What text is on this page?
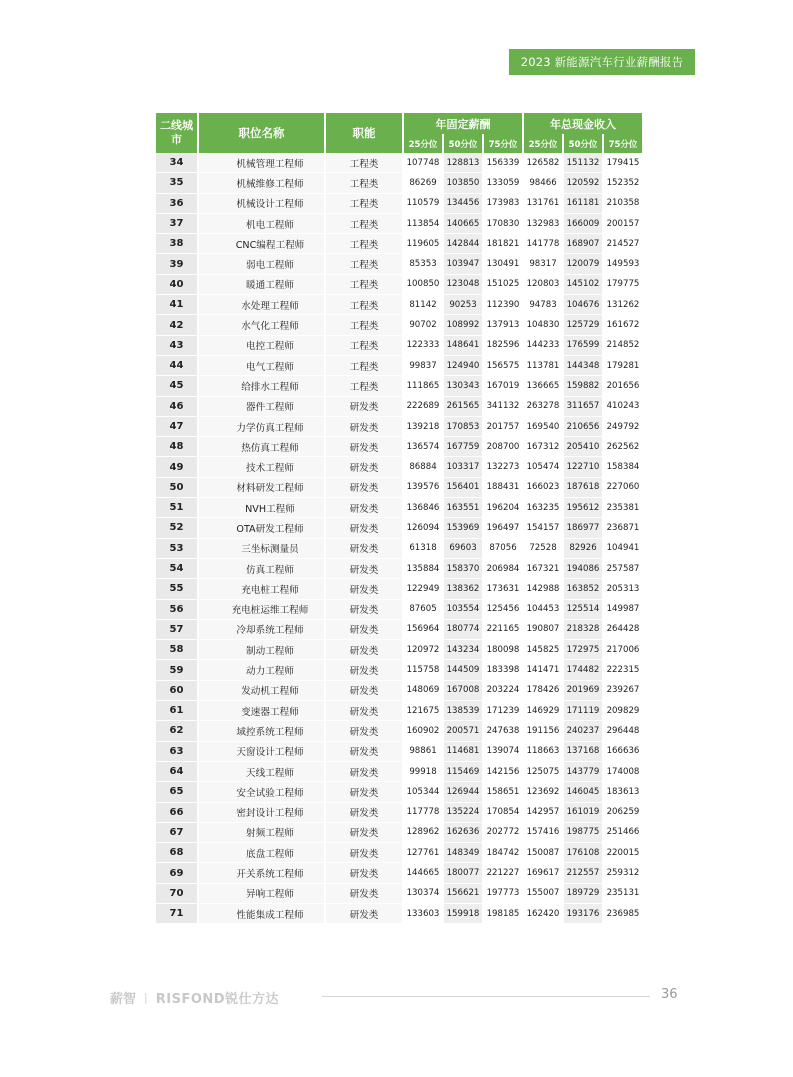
2023 新能源汽车行业薪酬报告
二线城市	职位名称	职能	年固定薪酬			年总现金收入		
			25分位	50分位	75分位	25分位	50分位	75分位
34	机械管理工程师	工程类	107748	128813	156339	126582	151132	179415
35	机械维修工程师	工程类	86269	103850	133059	98466	120592	152352
36	机械设计工程师	工程类	110579	134456	173983	131761	161181	210358
37	机电工程师	工程类	113854	140665	170830	132983	166009	200157
38	CNC编程工程师	工程类	119605	142844	181821	141778	168907	214527
39	弱电工程师	工程类	85353	103947	130491	98317	120079	149593
40	暖通工程师	工程类	100850	123048	151025	120803	145102	179775
41	水处理工程师	工程类	81142	90253	112390	94783	104676	131262
42	水气化工程师	工程类	90702	108992	137913	104830	125729	161672
43	电控工程师	工程类	122333	148641	182596	144233	176599	214852
44	电气工程师	工程类	99837	124940	156575	113781	144348	179281
45	给排水工程师	工程类	111865	130343	167019	136665	159882	201656
46	器件工程师	研发类	222689	261565	341132	263278	311657	410243
47	力学仿真工程师	研发类	139218	170853	201757	169540	210656	249792
48	热仿真工程师	研发类	136574	167759	208700	167312	205410	262562
49	技术工程师	研发类	86884	103317	132273	105474	122710	158384
50	材料研发工程师	研发类	139576	156401	188431	166023	187618	227060
51	NVH工程师	研发类	136846	163551	196204	163235	195612	235381
52	OTA研发工程师	研发类	126094	153969	196497	154157	186977	236871
53	三坐标测量员	研发类	61318	69603	87056	72528	82926	104941
54	仿真工程师	研发类	135884	158370	206984	167321	194086	257587
55	充电桩工程师	研发类	122949	138362	173631	142988	163852	205313
56	充电桩运维工程师	研发类	87605	103554	125456	104453	125514	149987
57	冷却系统工程师	研发类	156964	180774	221165	190807	218328	264428
58	制动工程师	研发类	120972	143234	180098	145825	172975	217006
59	动力工程师	研发类	115758	144509	183398	141471	174482	222315
60	发动机工程师	研发类	148069	167008	203224	178426	201969	239267
61	变速器工程师	研发类	121675	138539	171239	146929	171119	209829
62	域控系统工程师	研发类	160902	200571	247638	191156	240237	296448
63	天窗设计工程师	研发类	98861	114681	139074	118663	137168	166636
64	天线工程师	研发类	99918	115469	142156	125075	143779	174008
65	安全试验工程师	研发类	105344	126944	158651	123692	146045	183613
66	密封设计工程师	研发类	117778	135224	170854	142957	161019	206259
67	射频工程师	研发类	128962	162636	202772	157416	198775	251466
68	底盘工程师	研发类	127761	148349	184742	150087	176108	220015
69	开关系统工程师	研发类	144665	180077	221227	169617	212557	259312
70	异响工程师	研发类	130374	156621	197773	155007	189729	235131
71	性能集成工程师	研发类	133603	159918	198185	162420	193176	236985
薪智 | RISFOND锐仕方达	36
